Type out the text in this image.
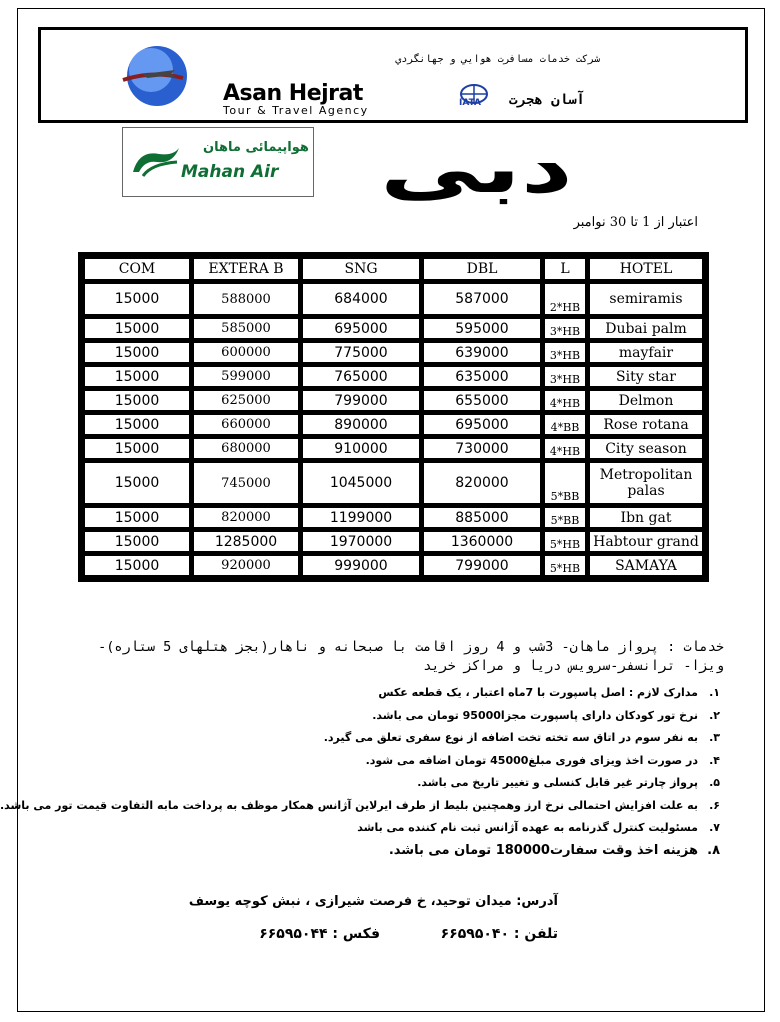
Asan Hejrat
Tour & Travel Agency
شرکت خدمات مسافرت هوايي و جهانگردي
IATA آسان هجرت
هواپیمائی ماهان
Mahan Air دبی
اعتبار از 1 تا 30 نوامبر
COM	EXTERA B	SNG	DBL	L	HOTEL
15000	588000	684000	587000	2*HB	semiramis
15000	585000	695000	595000	3*HB	Dubai palm
15000	600000	775000	639000	3*HB	mayfair
15000	599000	765000	635000	3*HB	Sity star
15000	625000	799000	655000	4*HB	Delmon
15000	660000	890000	695000	4*BB	Rose rotana
15000	680000	910000	730000	4*HB	City season
15000	745000	1045000	820000	5*BB	Metropolitan palas
15000	820000	1199000	885000	5*BB	Ibn gat
15000	1285000	1970000	1360000	5*HB	Habtour grand
15000	920000	999000	799000	5*HB	SAMAYA
خدمات : پرواز ماهان- 3شب و 4 روز اقامت با صبحانه و ناهار(بجز هتلهای 5 ستاره)- ویزا- ترانسفر-سرویس دریا و مراکز خرید
۱.مدارک لازم : اصل پاسپورت با 7ماه اعتبار ، یک قطعه عکس
۲.نرخ تور کودکان دارای پاسپورت مجزا95000 تومان می باشد.
۳.به نفر سوم در اتاق سه تخته تخت اضافه از نوع سفری تعلق می گیرد.
۴.در صورت اخذ ویزای فوری مبلغ45000 تومان اضافه می شود.
۵.پرواز چارتر غیر قابل کنسلی و تغییر تاریخ می باشد.
۶.به علت افزایش احتمالی نرخ ارز وهمچنین بلیط از طرف ایرلاین آژانس همکار موظف به پرداخت مابه التفاوت قیمت تور می باشد.
۷.مسئولیت کنترل گذرنامه به عهده آژانس ثبت نام کننده می باشد
۸.هزینه اخذ وقت سفارت180000 تومان می باشد.
آدرس: میدان توحید، خ فرصت شیرازی ، نبش کوچه یوسف
تلفن : ۶۶۵۹۵۰۴۰
فکس : ۶۶۵۹۵۰۴۴
